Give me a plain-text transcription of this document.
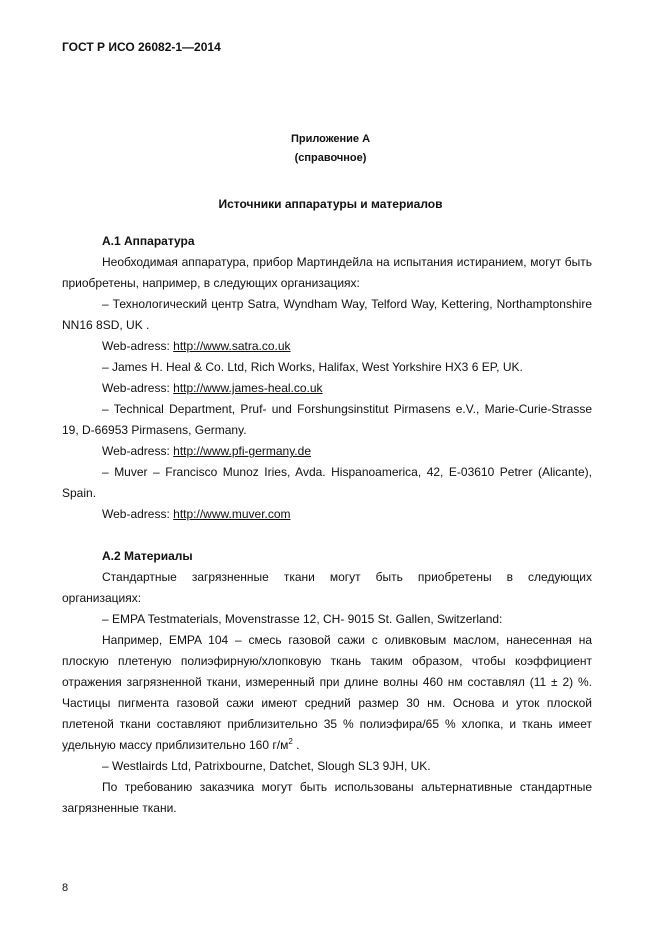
ГОСТ Р ИСО 26082-1—2014
Приложение А
(справочное)
Источники аппаратуры и материалов
А.1 Аппаратура

Необходимая аппаратура, прибор Мартиндейла на испытания истиранием, могут быть приобретены, например, в следующих организациях:

– Технологический центр Satra, Wyndham Way, Telford Way, Kettering, Northamptonshire NN16 8SD, UK .

Web-adress: http://www.satra.co.uk

– James H. Heal & Co. Ltd, Rich Works, Halifax, West Yorkshire HX3 6 EP, UK.

Web-adress: http://www.james-heal.co.uk

– Technical Department, Pruf- und Forshungsinstitut Pirmasens e.V., Marie-Curie-Strasse 19, D-66953 Pirmasens, Germany.

Web-adress: http://www.pfi-germany.de

– Muver – Francisco Munoz Iries, Avda. Hispanoamerica, 42, E-03610 Petrer (Alicante), Spain.

Web-adress: http://www.muver.com

А.2 Материалы

Стандартные загрязненные ткани могут быть приобретены в следующих организациях:

– EMPA Testmaterials, Movenstrasse 12, CH- 9015 St. Gallen, Switzerland:

Например, EMPA 104 – смесь газовой сажи с оливковым маслом, нанесенная на плоскую плетеную полиэфирную/хлопковую ткань таким образом, чтобы коэффициент отражения загрязненной ткани, измеренный при длине волны 460 нм составлял (11 ± 2) %. Частицы пигмента газовой сажи имеют средний размер 30 нм. Основа и уток плоской плетеной ткани составляют приблизительно 35 % полиэфира/65 % хлопка, и ткань имеет удельную массу приблизительно 160 $г/м^2$ .

– Westlairds Ltd, Patrixbourne, Datchet, Slough SL3 9JH, UK.

По требованию заказчика могут быть использованы альтернативные стандартные загрязненные ткани.

8
